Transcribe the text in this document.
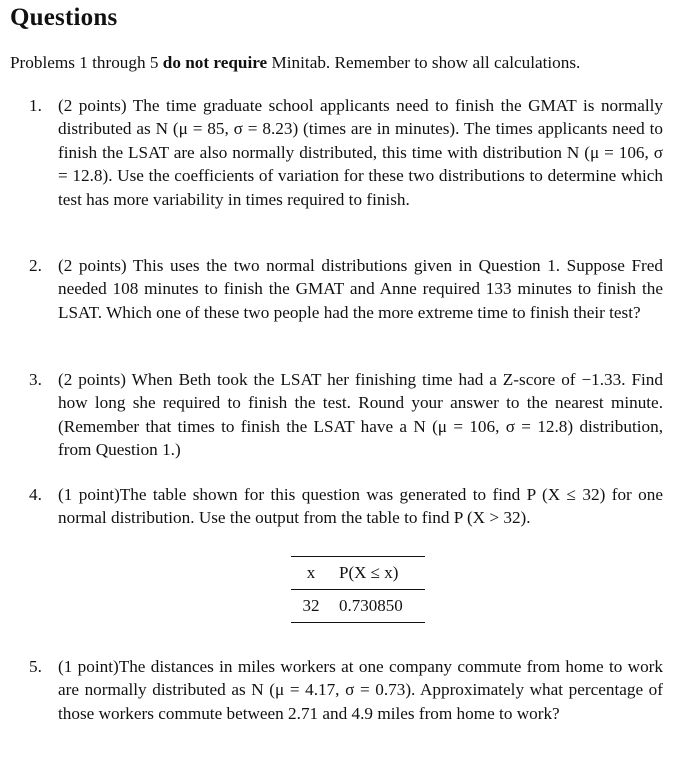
Questions
Problems 1 through 5 do not require Minitab. Remember to show all calculations.
1. (2 points) The time graduate school applicants need to finish the GMAT is normally distributed as N (μ = 85, σ = 8.23) (times are in minutes). The times applicants need to finish the LSAT are also normally distributed, this time with distribution N (μ = 106, σ = 12.8). Use the coefficients of variation for these two distributions to determine which test has more variability in times required to finish.
2. (2 points) This uses the two normal distributions given in Question 1. Suppose Fred needed 108 minutes to finish the GMAT and Anne required 133 minutes to finish the LSAT. Which one of these two people had the more extreme time to finish their test?
3. (2 points) When Beth took the LSAT her finishing time had a Z-score of −1.33. Find how long she required to finish the test. Round your answer to the nearest minute. (Remember that times to finish the LSAT have a N (μ = 106, σ = 12.8) distribution, from Question 1.)
4. (1 point)The table shown for this question was generated to find P (X ≤ 32) for one normal distribution. Use the output from the table to find P (X > 32).
5. (1 point)The distances in miles workers at one company commute from home to work are normally distributed as N (μ = 4.17, σ = 0.73). Approximately what percentage of those workers commute between 2.71 and 4.9 miles from home to work?
x	P(X ≤ x)
32	0.730850
